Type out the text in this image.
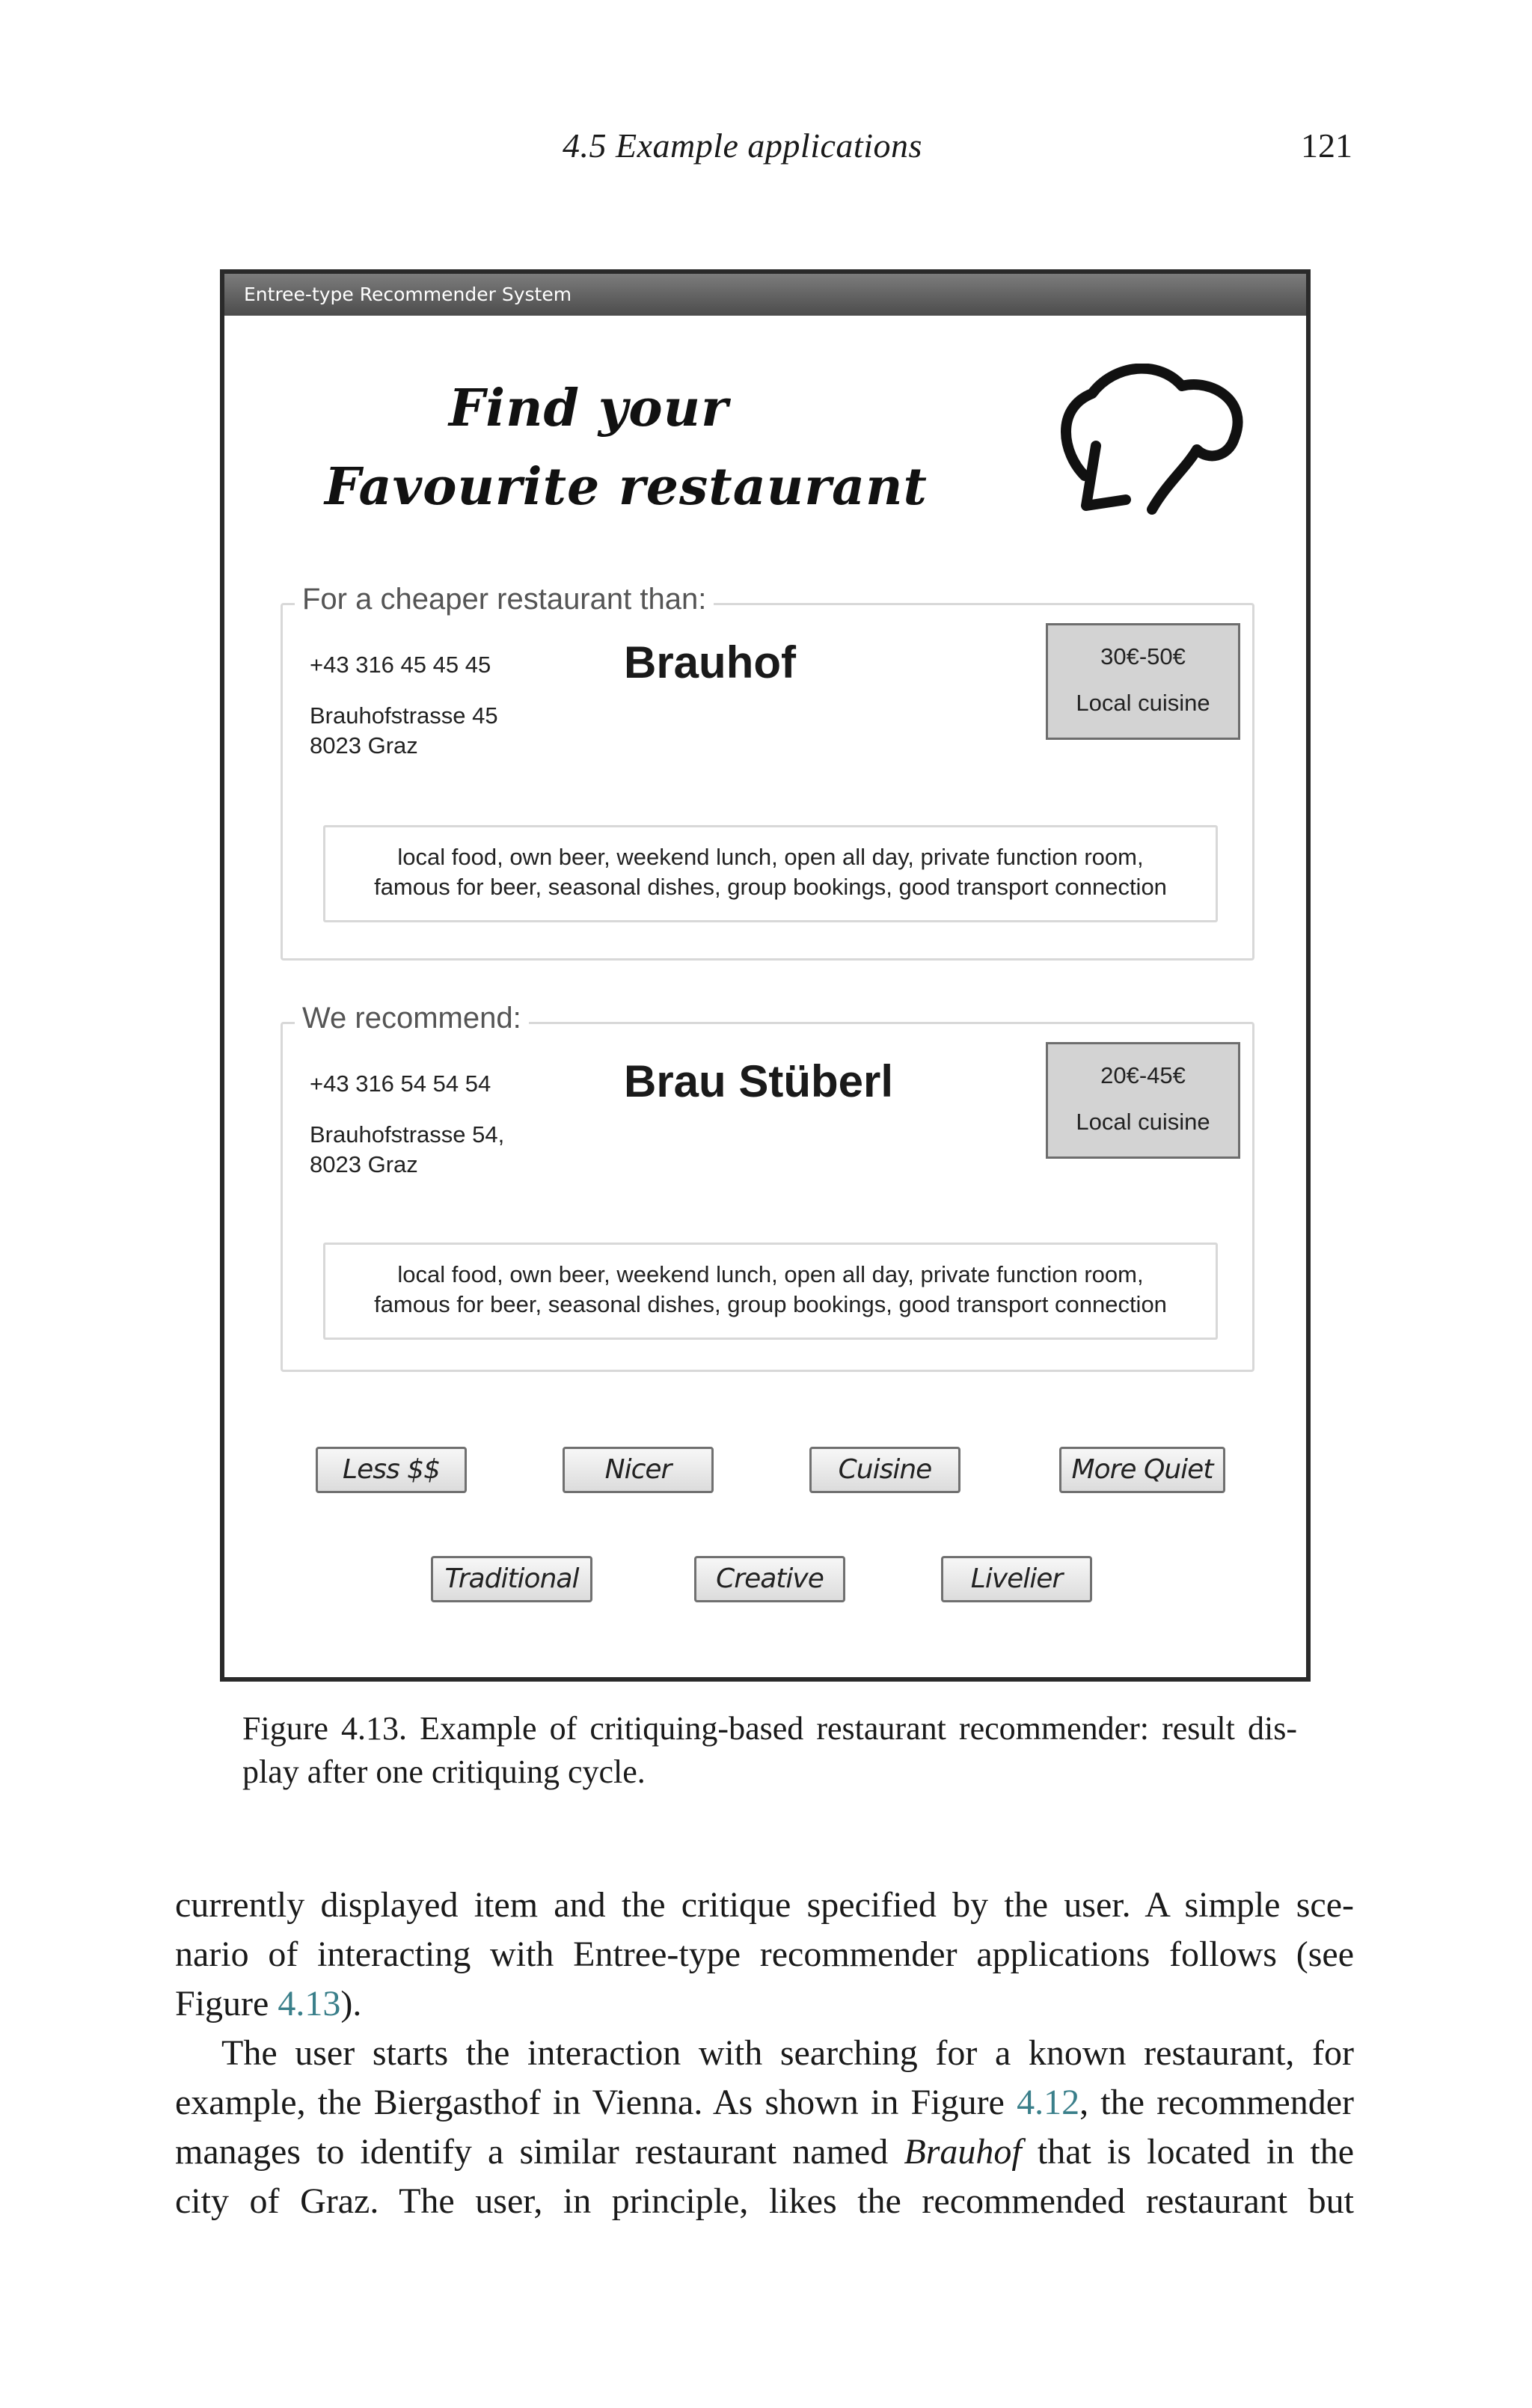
4.5 Example applications	121
Entree-type Recommender System
Find your
Favourite restaurant
For a cheaper restaurant than:
+43 316 45 45 45
Brauhofstrasse 45
8023 Graz
Brauhof	30€-50€
Local cuisine
local food, own beer, weekend lunch, open all day, private function room,
famous for beer, seasonal dishes, group bookings, good transport connection
We recommend:
+43 316 54 54 54
Brauhofstrasse 54,
8023 Graz
Brau Stüberl	20€-45€
Local cuisine
local food, own beer, weekend lunch, open all day, private function room,
famous for beer, seasonal dishes, group bookings, good transport connection
Less $$	Nicer	Cuisine	More Quiet
Traditional	Creative	Livelier
Figure 4.13. Example of critiquing-based restaurant recommender: result dis-
play after one critiquing cycle.
currently displayed item and the critique specified by the user. A simple sce-
nario of interacting with Entree-type recommender applications follows (see
Figure 4.13).
The user starts the interaction with searching for a known restaurant, for
example, the Biergasthof in Vienna. As shown in Figure 4.12, the recommender
manages to identify a similar restaurant named Brauhof that is located in the
city of Graz. The user, in principle, likes the recommended restaurant but
